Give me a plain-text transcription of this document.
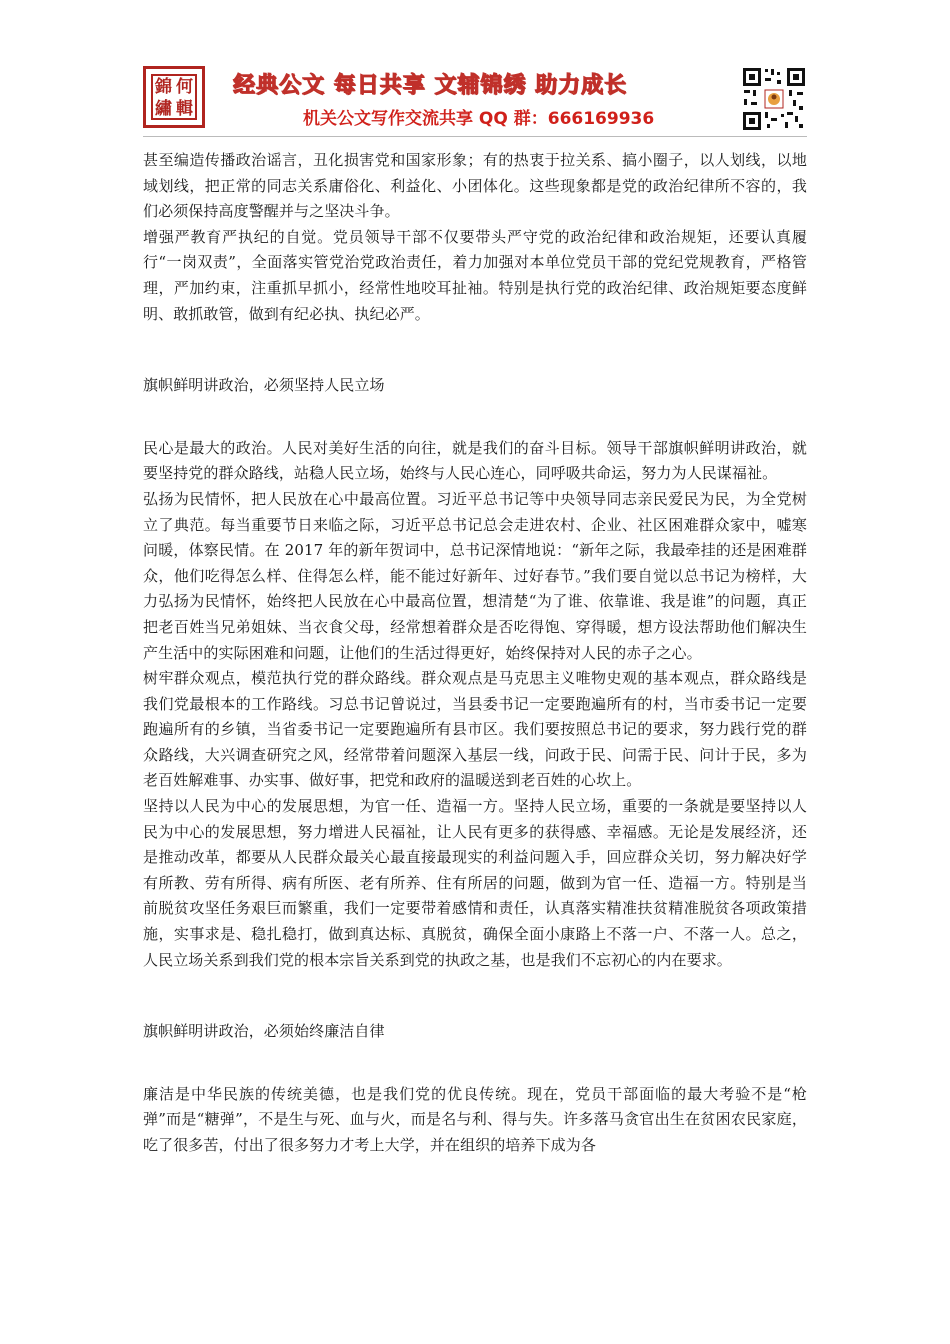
錦 何
繡 輯
经典公文 每日共享 文辅锦绣 助力成长
机关公文写作交流共享 QQ 群：666169936

甚至编造传播政治谣言，丑化损害党和国家形象；有的热衷于拉关系、搞小圈子，以人划线，以地域划线，把正常的同志关系庸俗化、利益化、小团体化。这些现象都是党的政治纪律所不容的，我们必须保持高度警醒并与之坚决斗争。

增强严教育严执纪的自觉。党员领导干部不仅要带头严守党的政治纪律和政治规矩，还要认真履行“一岗双责”，全面落实管党治党政治责任，着力加强对本单位党员干部的党纪党规教育，严格管理，严加约束，注重抓早抓小，经常性地咬耳扯袖。特别是执行党的政治纪律、政治规矩要态度鲜明、敢抓敢管，做到有纪必执、执纪必严。

旗帜鲜明讲政治，必须坚持人民立场

民心是最大的政治。人民对美好生活的向往，就是我们的奋斗目标。领导干部旗帜鲜明讲政治，就要坚持党的群众路线，站稳人民立场，始终与人民心连心，同呼吸共命运，努力为人民谋福祉。

弘扬为民情怀，把人民放在心中最高位置。习近平总书记等中央领导同志亲民爱民为民，为全党树立了典范。每当重要节日来临之际，习近平总书记总会走进农村、企业、社区困难群众家中，嘘寒问暖，体察民情。在 2017 年的新年贺词中，总书记深情地说：“新年之际，我最牵挂的还是困难群众，他们吃得怎么样、住得怎么样，能不能过好新年、过好春节。”我们要自觉以总书记为榜样，大力弘扬为民情怀，始终把人民放在心中最高位置，想清楚“为了谁、依靠谁、我是谁”的问题，真正把老百姓当兄弟姐妹、当衣食父母，经常想着群众是否吃得饱、穿得暖，想方设法帮助他们解决生产生活中的实际困难和问题，让他们的生活过得更好，始终保持对人民的赤子之心。

树牢群众观点，模范执行党的群众路线。群众观点是马克思主义唯物史观的基本观点，群众路线是我们党最根本的工作路线。习总书记曾说过，当县委书记一定要跑遍所有的村，当市委书记一定要跑遍所有的乡镇，当省委书记一定要跑遍所有县市区。我们要按照总书记的要求，努力践行党的群众路线，大兴调查研究之风，经常带着问题深入基层一线，问政于民、问需于民、问计于民，多为老百姓解难事、办实事、做好事，把党和政府的温暖送到老百姓的心坎上。

坚持以人民为中心的发展思想，为官一任、造福一方。坚持人民立场，重要的一条就是要坚持以人民为中心的发展思想，努力增进人民福祉，让人民有更多的获得感、幸福感。无论是发展经济，还是推动改革，都要从人民群众最关心最直接最现实的利益问题入手，回应群众关切，努力解决好学有所教、劳有所得、病有所医、老有所养、住有所居的问题，做到为官一任、造福一方。特别是当前脱贫攻坚任务艰巨而繁重，我们一定要带着感情和责任，认真落实精准扶贫精准脱贫各项政策措施，实事求是、稳扎稳打，做到真达标、真脱贫，确保全面小康路上不落一户、不落一人。总之，人民立场关系到我们党的根本宗旨关系到党的执政之基，也是我们不忘初心的内在要求。

旗帜鲜明讲政治，必须始终廉洁自律

廉洁是中华民族的传统美德，也是我们党的优良传统。现在，党员干部面临的最大考验不是“枪弹”而是“糖弹”，不是生与死、血与火，而是名与利、得与失。许多落马贪官出生在贫困农民家庭，吃了很多苦，付出了很多努力才考上大学，并在组织的培养下成为各
